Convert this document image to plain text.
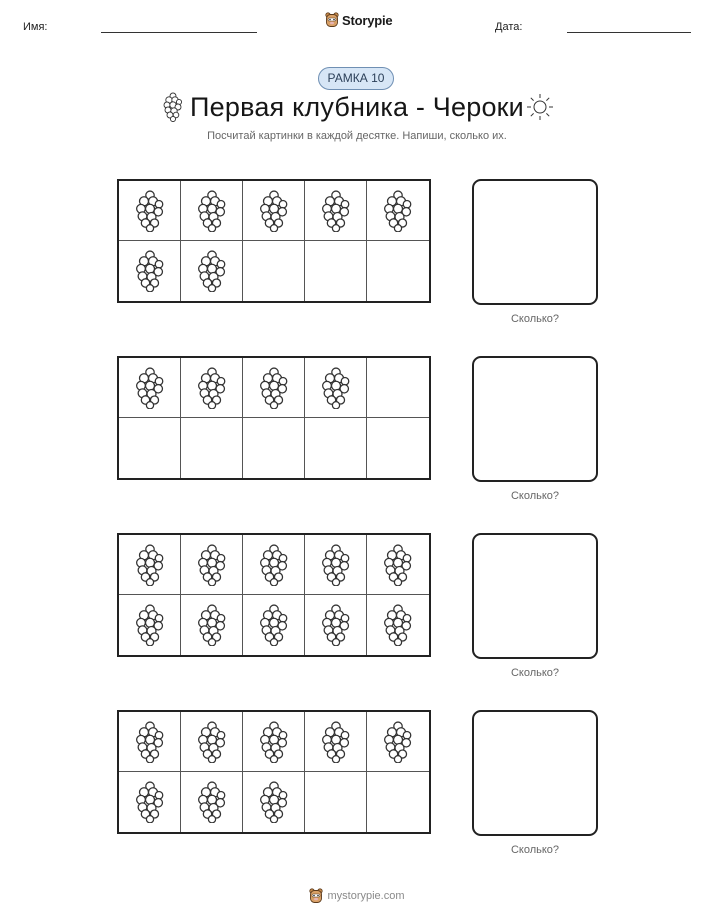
Имя:	Storypie	Дата:
РАМКА 10
Первая клубника - Чероки
Посчитай картинки в каждой десятке. Напиши, сколько их.
Сколько?
Сколько?
Сколько?
Сколько?
mystorypie.com
